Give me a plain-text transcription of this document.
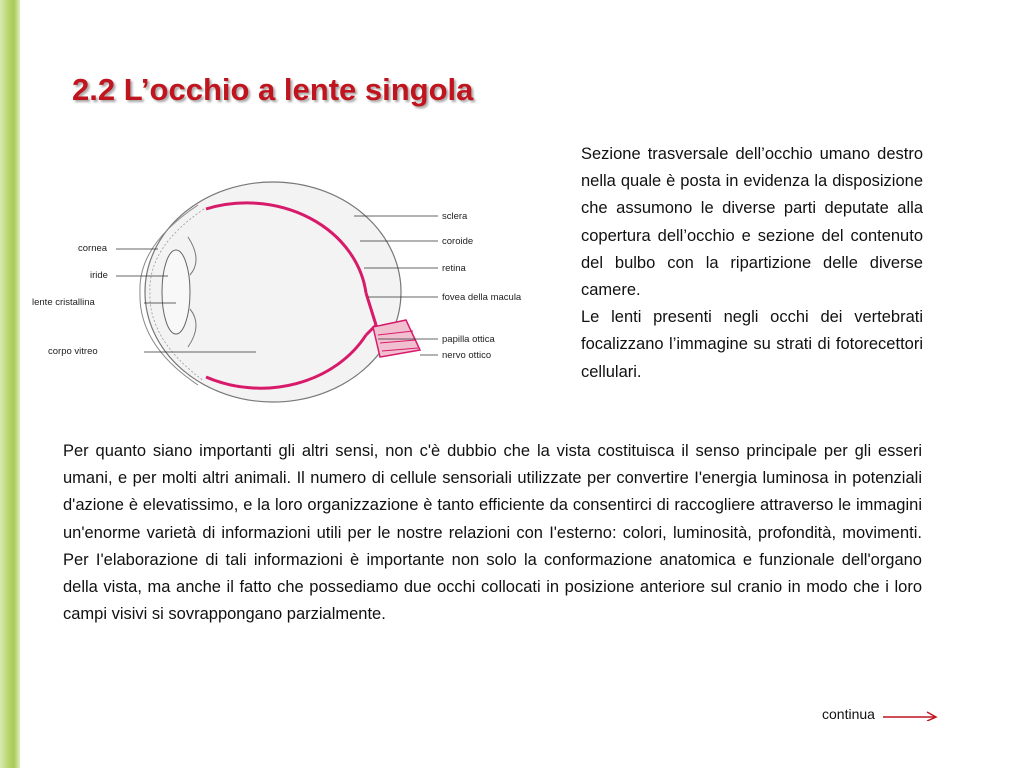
2.2 L’occhio a lente singola
cornea
iride
lente cristallina
corpo vitreo
sclera
coroide
retina
fovea della macula
papilla ottica
nervo ottico

Sezione trasversale dell’occhio umano destro nella quale è posta in evidenza la disposizione che assumono le diverse parti deputate alla copertura dell’occhio e sezione del contenuto del bulbo con la ripartizione delle diverse camere.

Le lenti presenti negli occhi dei vertebrati focalizzano l’immagine su strati di fotorecettori cellulari.

Per quanto siano importanti gli altri sensi, non c'è dubbio che la vista costituisca il senso principale per gli esseri umani, e per molti altri animali. Il numero di cellule sensoriali utilizzate per convertire I'energia luminosa in potenziali d'azione è elevatissimo, e la loro organizzazione è tanto efficiente da consentirci di raccogliere attraverso le immagini un'enorme varietà di informazioni utili per le nostre relazioni con I'esterno: colori, luminosità, profondità, movimenti. Per I'elaborazione di tali informazioni è importante non solo la conformazione anatomica e funzionale dell'organo della vista, ma anche il fatto che possediamo due occhi collocati in posizione anteriore sul cranio in modo che i loro campi visivi si sovrappongano parzialmente.

continua
